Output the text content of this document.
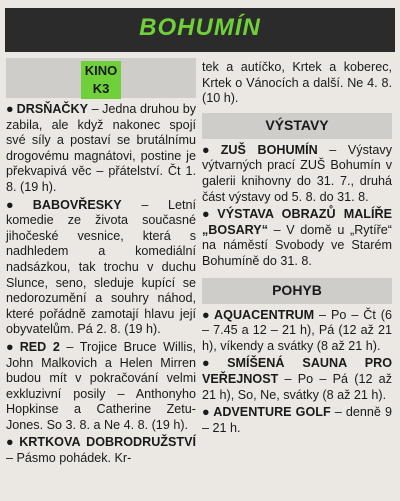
BOHUMÍN
KINO
K3
● DRSŇAČKY – Jedna druhou by zabila, ale když nakonec spojí své síly a postaví se brutálnímu drogovému magnátovi, postine je překvapivá věc – přátelství. Čt 1. 8. (19 h).
● BABOVŘESKY – Letní komedie ze života současné jihočeské vesnice, která s nadhledem a komediální nadsázkou, tak trochu v duchu Slunce, seno, sleduje kupící se nedorozumění a souhry náhod, které pořádně zamotají hlavu její obyvatelům. Pá 2. 8. (19 h).
● RED 2 – Trojice Bruce Willis, John Malkovich a Helen Mirren budou mít v pokračování velmi exkluzivní posily – Anthonyho Hopkinse a Catherine Zetu-Jones. So 3. 8. a Ne 4. 8. (19 h).
● KRTKOVA DOBRODRUŽSTVÍ – Pásmo pohádek. Kr-
tek a autíčko, Krtek a koberec, Krtek o Vánocích a další. Ne 4. 8. (10 h).
VÝSTAVY
● ZUŠ BOHUMÍN – Výstavy výtvarných prací ZUŠ Bohumín v galerii knihovny do 31. 7., druhá část výstavy od 5. 8. do 31. 8.
● VÝSTAVA OBRAZŮ MALÍŘE „BOSARY“ – V domě u „Rytíře“ na náměstí Svobody ve Starém Bohumíně do 31. 8.
POHYB
● AQUACENTRUM – Po – Čt (6 – 7.45 a 12 – 21 h), Pá (12 až 21 h), víkendy a svátky (8 až 21 h).
● SMÍŠENÁ SAUNA PRO VEŘEJNOST – Po – Pá (12 až 21 h), So, Ne, svátky (8 až 21 h).
● ADVENTURE GOLF – denně 9 – 21 h.
